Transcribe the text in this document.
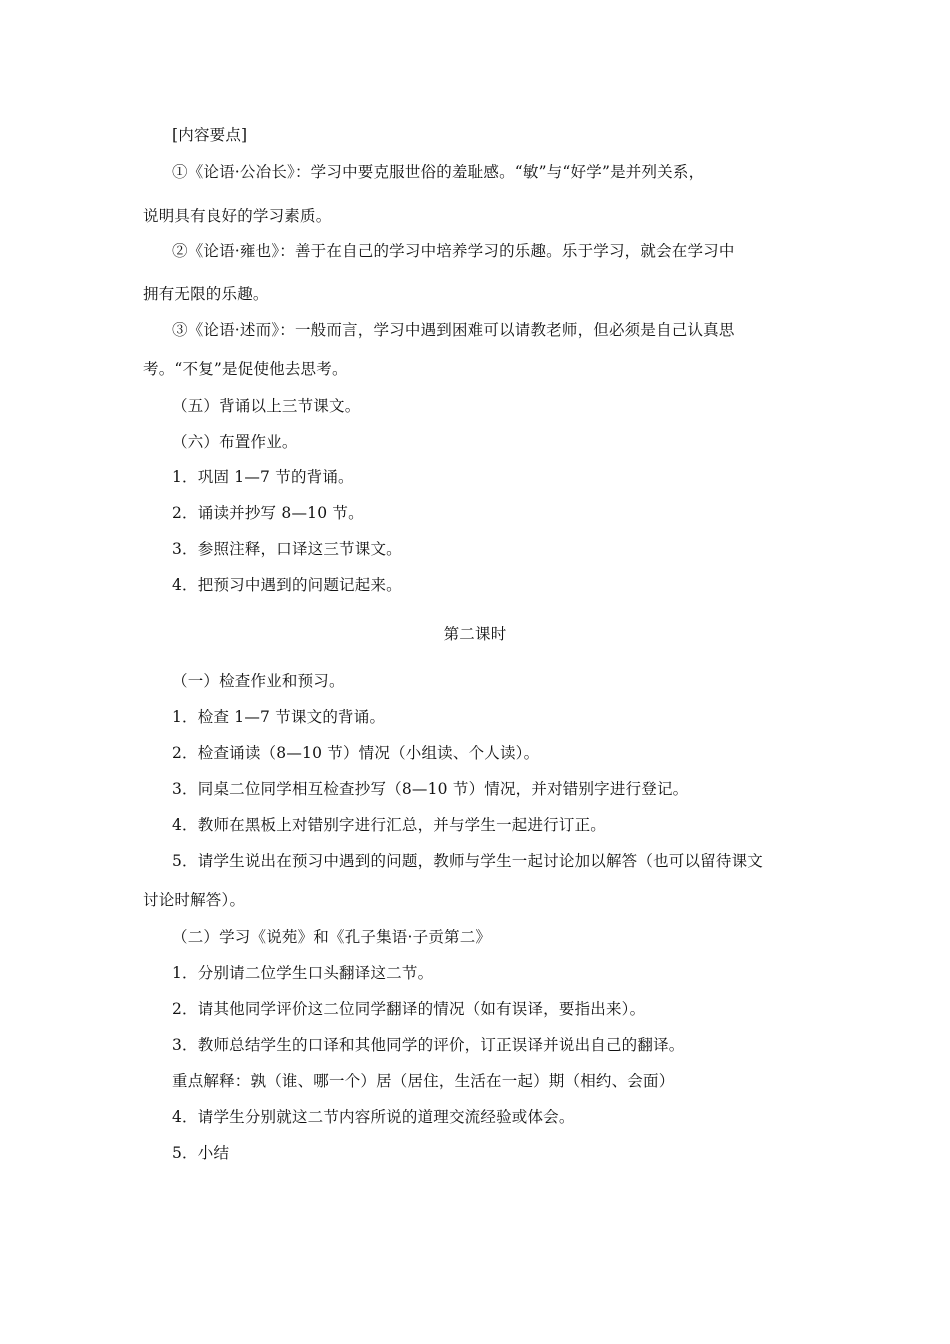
[内容要点]
①《论语·公冶长》：学习中要克服世俗的羞耻感。“敏”与“好学”是并列关系，
说明具有良好的学习素质。
②《论语·雍也》：善于在自己的学习中培养学习的乐趣。乐于学习，就会在学习中
拥有无限的乐趣。
③《论语·述而》：一般而言，学习中遇到困难可以请教老师，但必须是自己认真思
考。“不复”是促使他去思考。
（五）背诵以上三节课文。
（六）布置作业。
1．巩固 1—7 节的背诵。
2．诵读并抄写 8—10 节。
3．参照注释，口译这三节课文。
4．把预习中遇到的问题记起来。
第二课时
（一）检查作业和预习。
1．检查 1—7 节课文的背诵。
2．检查诵读（8—10 节）情况（小组读、个人读）。
3．同桌二位同学相互检查抄写（8—10 节）情况，并对错别字进行登记。
4．教师在黑板上对错别字进行汇总，并与学生一起进行订正。
5．请学生说出在预习中遇到的问题，教师与学生一起讨论加以解答（也可以留待课文
讨论时解答）。
（二）学习《说苑》和《孔子集语·子贡第二》
1．分别请二位学生口头翻译这二节。
2．请其他同学评价这二位同学翻译的情况（如有误译，要指出来）。
3．教师总结学生的口译和其他同学的评价，订正误译并说出自己的翻译。
重点解释：孰（谁、哪一个）居（居住，生活在一起）期（相约、会面）
4．请学生分别就这二节内容所说的道理交流经验或体会。
5．小结
